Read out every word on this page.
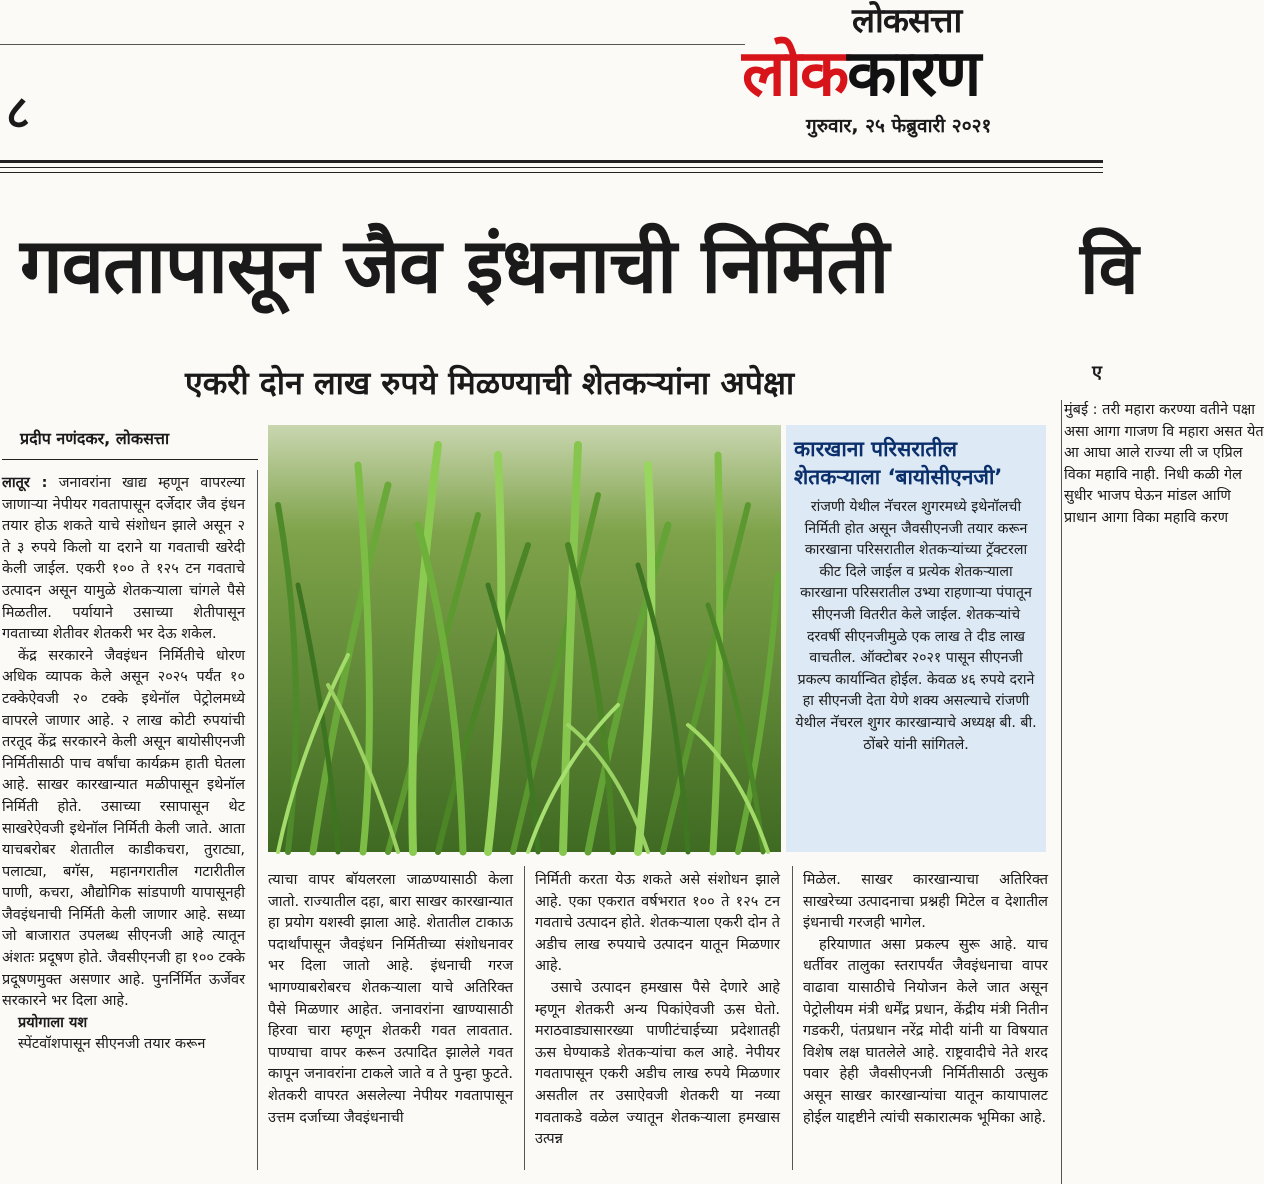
८
लोकसत्ता
लोककारण
गुरुवार, २५ फेब्रुवारी २०२१
गवतापासून जैव इंधनाची निर्मिती
एकरी दोन लाख रुपये मिळण्याची शेतकऱ्यांना अपेक्षा
वि
ए
मुंबई : तरी महारा करण्या वतीने पक्षा असा आगा गाजण वि महारा असत येत आ आघा आले राज्या ली ज एप्रिल विका महावि नाही. निधी कळी गेल सुधीर भाजप घेऊन मांडल आणि प्राधान आगा विका महावि करण
प्रदीप नणंदकर, लोकसत्ता

लातूर : जनावरांना खाद्य म्हणून वापरल्या जाणाऱ्या नेपीयर गवतापासून दर्जेदार जैव इंधन तयार होऊ शकते याचे संशोधन झाले असून २ ते ३ रुपये किलो या दराने या गवताची खरेदी केली जाईल. एकरी १०० ते १२५ टन गवताचे उत्पादन असून यामुळे शेतकऱ्याला चांगले पैसे मिळतील. पर्यायाने उसाच्या शेतीपासून गवताच्या शेतीवर शेतकरी भर देऊ शकेल.

केंद्र सरकारने जैवइंधन निर्मितीचे धोरण अधिक व्यापक केले असून २०२५ पर्यंत १० टक्केऐवजी २० टक्के इथेनॉल पेट्रोलमध्ये वापरले जाणार आहे. २ लाख कोटी रुपयांची तरतूद केंद्र सरकारने केली असून बायोसीएनजी निर्मितीसाठी पाच वर्षांचा कार्यक्रम हाती घेतला आहे. साखर कारखान्यात मळीपासून इथेनॉल निर्मिती होते. उसाच्या रसापासून थेट साखरेऐवजी इथेनॉल निर्मिती केली जाते. आता याचबरोबर शेतातील काडीकचरा, तुराट्या, पलाट्या, बगॅस, महानगरातील गटारीतील पाणी, कचरा, औद्योगिक सांडपाणी यापासूनही जैवइंधनाची निर्मिती केली जाणार आहे. सध्या जो बाजारात उपलब्ध सीएनजी आहे त्यातून अंशतः प्रदूषण होते. जैवसीएनजी हा १०० टक्के प्रदूषणमुक्त असणार आहे. पुनर्निर्मित ऊर्जेवर सरकारने भर दिला आहे.

प्रयोगाला यश

स्पेंटवॉशपासून सीएनजी तयार करून

कारखाना परिसरातील
शेतकऱ्याला ‘बायोसीएनजी’
रांजणी येथील नॅचरल शुगरमध्ये इथेनॉलची निर्मिती होत असून जैवसीएनजी तयार करून कारखाना परिसरातील शेतकऱ्यांच्या ट्रॅक्टरला कीट दिले जाईल व प्रत्येक शेतकर्‍याला कारखाना परिसरातील उभ्या राहणाऱ्या पंपातून सीएनजी वितरीत केले जाईल. शेतकर्‍यांचे दरवर्षी सीएनजीमुळे एक लाख ते दीड लाख वाचतील. ऑक्टोबर २०२१ पासून सीएनजी प्रकल्प कार्यान्वित होईल. केवळ ४६ रुपये दराने हा सीएनजी देता येणे शक्य असल्याचे रांजणी येथील नॅचरल शुगर कारखान्याचे अध्यक्ष बी. बी. ठोंबरे यांनी सांगितले.

त्याचा वापर बॉयलरला जाळण्यासाठी केला जातो. राज्यातील दहा, बारा साखर कारखान्यात हा प्रयोग यशस्वी झाला आहे. शेतातील टाकाऊ पदार्थांपासून जैवइंधन निर्मितीच्या संशोधनावर भर दिला जातो आहे. इंधनाची गरज भागण्याबरोबरच शेतकऱ्याला याचे अतिरिक्त पैसे मिळणार आहेत. जनावरांना खाण्यासाठी हिरवा चारा म्हणून शेतकरी गवत लावतात. पाण्याचा वापर करून उत्पादित झालेले गवत कापून जनावरांना टाकले जाते व ते पुन्हा फुटते. शेतकरी वापरत असलेल्या नेपीयर गवतापासून उत्तम दर्जाच्या जैवइंधनाची

निर्मिती करता येऊ शकते असे संशोधन झाले आहे. एका एकरात वर्षभरात १०० ते १२५ टन गवताचे उत्पादन होते. शेतकऱ्याला एकरी दोन ते अडीच लाख रुपयाचे उत्पादन यातून मिळणार आहे.

उसाचे उत्पादन हमखास पैसे देणारे आहे म्हणून शेतकरी अन्य पिकांऐवजी ऊस घेतो. मराठवाड्यासारख्या पाणीटंचाईच्या प्रदेशातही ऊस घेण्याकडे शेतकऱ्यांचा कल आहे. नेपीयर गवतापासून एकरी अडीच लाख रुपये मिळणार असतील तर उसाऐवजी शेतकरी या नव्या गवताकडे वळेल ज्यातून शेतकर्‍याला हमखास उत्पन्न

मिळेल. साखर कारखान्याचा अतिरिक्त साखरेच्या उत्पादनाचा प्रश्नही मिटेल व देशातील इंधनाची गरजही भागेल.

हरियाणात असा प्रकल्प सुरू आहे. याच धर्तीवर तालुका स्तरापर्यंत जैवइंधनाचा वापर वाढावा यासाठीचे नियोजन केले जात असून पेट्रोलीयम मंत्री धर्मेंद्र प्रधान, केंद्रीय मंत्री नितीन गडकरी, पंतप्रधान नरेंद्र मोदी यांनी या विषयात विशेष लक्ष घातलेले आहे. राष्ट्रवादीचे नेते शरद पवार हेही जैवसीएनजी निर्मितीसाठी उत्सुक असून साखर कारखान्यांचा यातून कायापालट होईल याद्दष्टीने त्यांची सकारात्मक भूमिका आहे.
